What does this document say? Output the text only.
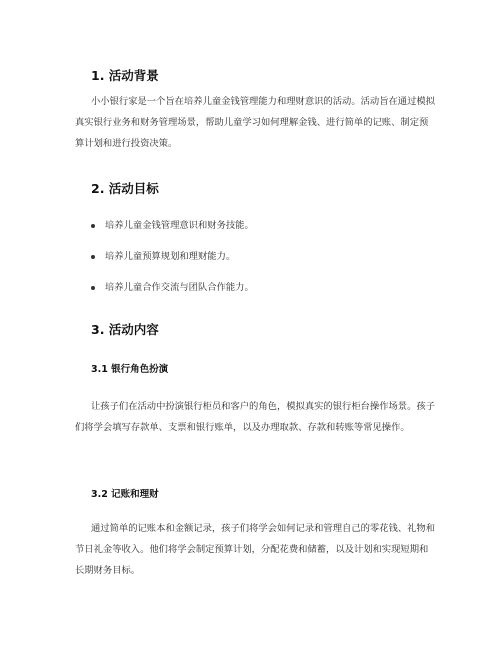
1. 活动背景

小小银行家是一个旨在培养儿童金钱管理能力和理财意识的活动。活动旨在通过模拟真实银行业务和财务管理场景，帮助儿童学习如何理解金钱、进行简单的记账、制定预算计划和进行投资决策。

2. 活动目标
培养儿童金钱管理意识和财务技能。
培养儿童预算规划和理财能力。
培养儿童合作交流与团队合作能力。
3. 活动内容
3.1 银行角色扮演

让孩子们在活动中扮演银行柜员和客户的角色，模拟真实的银行柜台操作场景。孩子们将学会填写存款单、支票和银行账单，以及办理取款、存款和转账等常见操作。

3.2 记账和理财

通过简单的记账本和金额记录，孩子们将学会如何记录和管理自己的零花钱、礼物和节日礼金等收入。他们将学会制定预算计划，分配花费和储蓄，以及计划和实现短期和长期财务目标。
